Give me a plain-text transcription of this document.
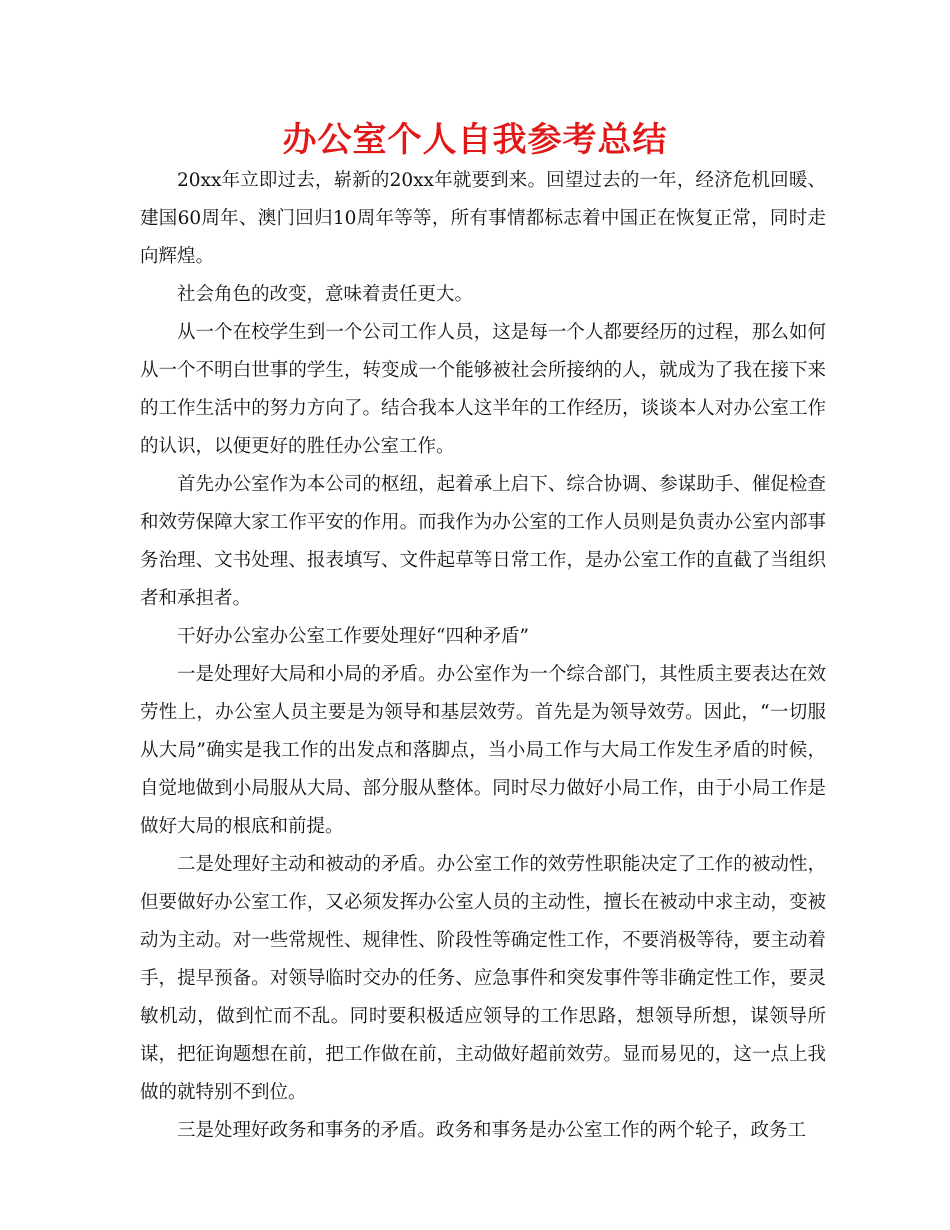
办公室个人自我参考总结

20xx年立即过去，崭新的20xx年就要到来。回望过去的一年，经济危机回暖、建国60周年、澳门回归10周年等等，所有事情都标志着中国正在恢复正常，同时走向辉煌。

社会角色的改变，意味着责任更大。

从一个在校学生到一个公司工作人员，这是每一个人都要经历的过程，那么如何从一个不明白世事的学生，转变成一个能够被社会所接纳的人，就成为了我在接下来的工作生活中的努力方向了。结合我本人这半年的工作经历，谈谈本人对办公室工作的认识，以便更好的胜任办公室工作。

首先办公室作为本公司的枢纽，起着承上启下、综合协调、参谋助手、催促检查和效劳保障大家工作平安的作用。而我作为办公室的工作人员则是负责办公室内部事务治理、文书处理、报表填写、文件起草等日常工作，是办公室工作的直截了当组织者和承担者。

干好办公室办公室工作要处理好“四种矛盾”

一是处理好大局和小局的矛盾。办公室作为一个综合部门，其性质主要表达在效劳性上，办公室人员主要是为领导和基层效劳。首先是为领导效劳。因此，“一切服从大局”确实是我工作的出发点和落脚点，当小局工作与大局工作发生矛盾的时候，自觉地做到小局服从大局、部分服从整体。同时尽力做好小局工作，由于小局工作是做好大局的根底和前提。

二是处理好主动和被动的矛盾。办公室工作的效劳性职能决定了工作的被动性，但要做好办公室工作，又必须发挥办公室人员的主动性，擅长在被动中求主动，变被动为主动。对一些常规性、规律性、阶段性等确定性工作，不要消极等待，要主动着手，提早预备。对领导临时交办的任务、应急事件和突发事件等非确定性工作，要灵敏机动，做到忙而不乱。同时要积极适应领导的工作思路，想领导所想，谋领导所谋，把征询题想在前，把工作做在前，主动做好超前效劳。显而易见的，这一点上我做的就特别不到位。

三是处理好政务和事务的矛盾。政务和事务是办公室工作的两个轮子，政务工
